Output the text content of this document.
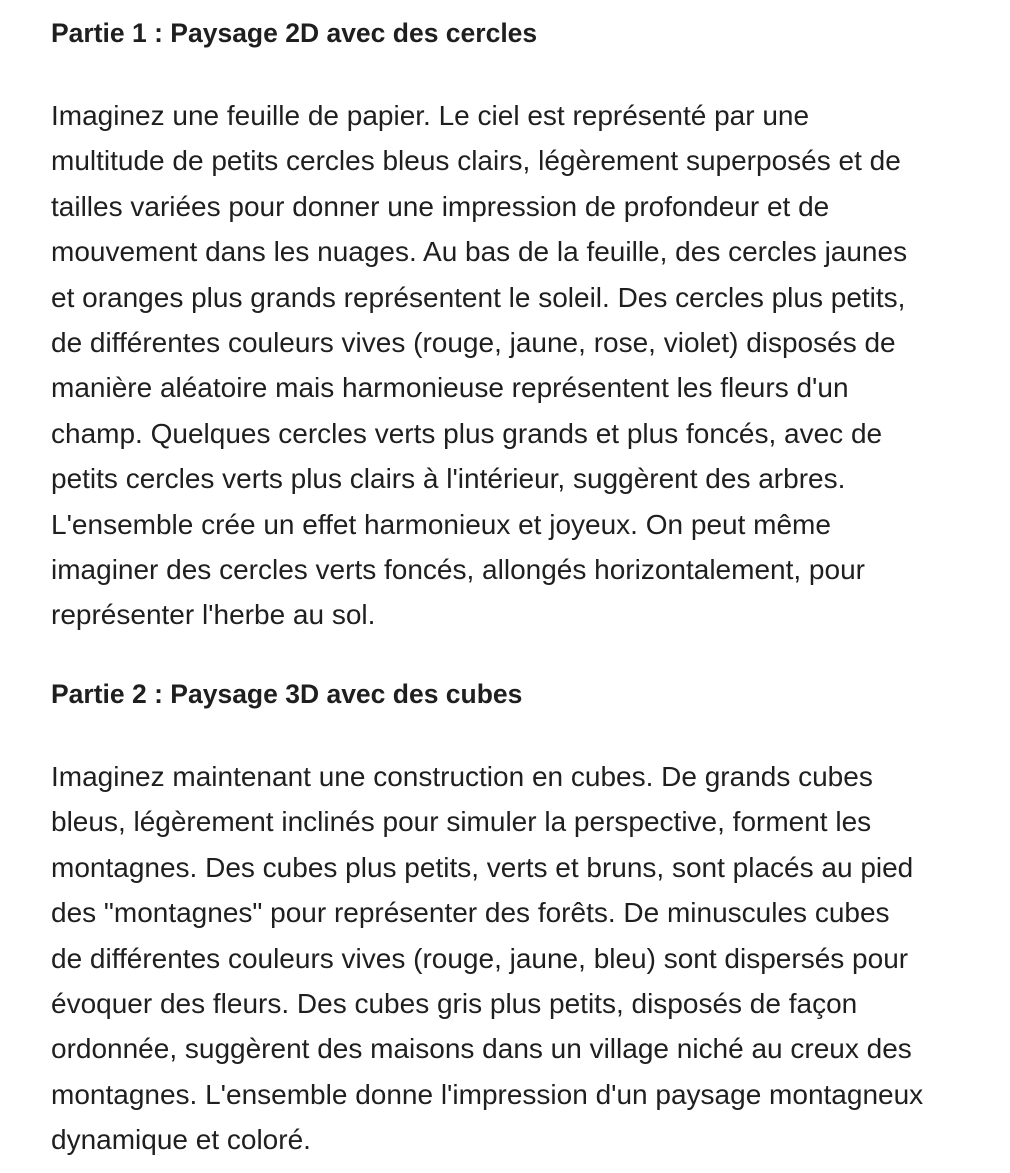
Partie 1 : Paysage 2D avec des cercles

Imaginez une feuille de papier. Le ciel est représenté par une
multitude de petits cercles bleus clairs, légèrement superposés et de
tailles variées pour donner une impression de profondeur et de
mouvement dans les nuages. Au bas de la feuille, des cercles jaunes
et oranges plus grands représentent le soleil. Des cercles plus petits,
de différentes couleurs vives (rouge, jaune, rose, violet) disposés de
manière aléatoire mais harmonieuse représentent les fleurs d'un
champ. Quelques cercles verts plus grands et plus foncés, avec de
petits cercles verts plus clairs à l'intérieur, suggèrent des arbres.
L'ensemble crée un effet harmonieux et joyeux. On peut même
imaginer des cercles verts foncés, allongés horizontalement, pour
représenter l'herbe au sol.

Partie 2 : Paysage 3D avec des cubes

Imaginez maintenant une construction en cubes. De grands cubes
bleus, légèrement inclinés pour simuler la perspective, forment les
montagnes. Des cubes plus petits, verts et bruns, sont placés au pied
des "montagnes" pour représenter des forêts. De minuscules cubes
de différentes couleurs vives (rouge, jaune, bleu) sont dispersés pour
évoquer des fleurs. Des cubes gris plus petits, disposés de façon
ordonnée, suggèrent des maisons dans un village niché au creux des
montagnes. L'ensemble donne l'impression d'un paysage montagneux
dynamique et coloré.
